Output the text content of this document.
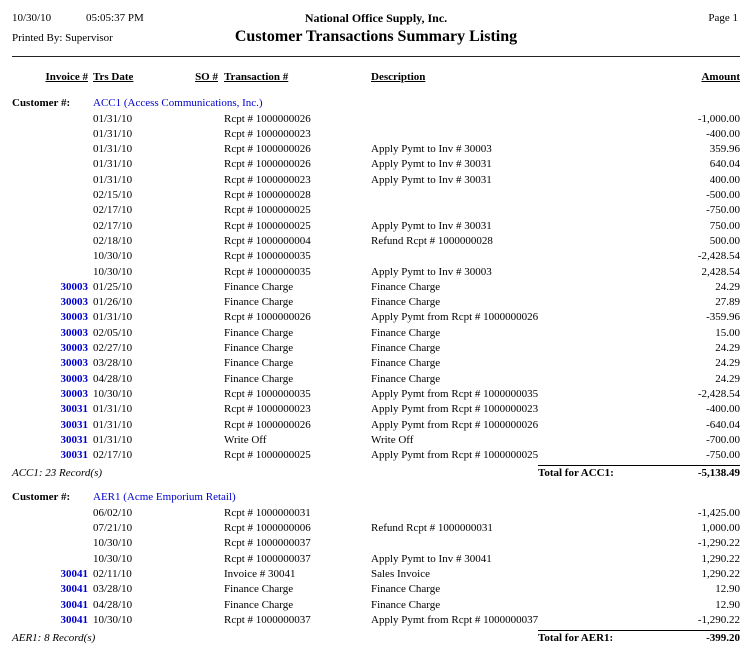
10/30/10	05:05:37 PM	National Office Supply, Inc.	Page 1
Printed By: Supervisor	Customer Transactions Summary Listing
Invoice # Trs Date	SO # Transaction #	Description	Amount
Customer #: ACC1 (Access Communications, Inc.)
01/31/10	Rcpt # 1000000026	-1,000.00
01/31/10	Rcpt # 1000000023	-400.00
01/31/10	Rcpt # 1000000026	Apply Pymt to Inv # 30003	359.96
01/31/10	Rcpt # 1000000026	Apply Pymt to Inv # 30031	640.04
01/31/10	Rcpt # 1000000023	Apply Pymt to Inv # 30031	400.00
02/15/10	Rcpt # 1000000028	-500.00
02/17/10	Rcpt # 1000000025	-750.00
02/17/10	Rcpt # 1000000025	Apply Pymt to Inv # 30031	750.00
02/18/10	Rcpt # 1000000004	Refund Rcpt # 1000000028	500.00
10/30/10	Rcpt # 1000000035	-2,428.54
10/30/10	Rcpt # 1000000035	Apply Pymt to Inv # 30003	2,428.54
30003 01/25/10	Finance Charge	Finance Charge	24.29
30003 01/26/10	Finance Charge	Finance Charge	27.89
30003 01/31/10	Rcpt # 1000000026	Apply Pymt from Rcpt # 1000000026	-359.96
30003 02/05/10	Finance Charge	Finance Charge	15.00
30003 02/27/10	Finance Charge	Finance Charge	24.29
30003 03/28/10	Finance Charge	Finance Charge	24.29
30003 04/28/10	Finance Charge	Finance Charge	24.29
30003 10/30/10	Rcpt # 1000000035	Apply Pymt from Rcpt # 1000000035	-2,428.54
30031 01/31/10	Rcpt # 1000000023	Apply Pymt from Rcpt # 1000000023	-400.00
30031 01/31/10	Rcpt # 1000000026	Apply Pymt from Rcpt # 1000000026	-640.04
30031 01/31/10	Write Off	Write Off	-700.00
30031 02/17/10	Rcpt # 1000000025	Apply Pymt from Rcpt # 1000000025	-750.00
ACC1: 23 Record(s)	Total for ACC1:	-5,138.49
Customer #: AER1 (Acme Emporium Retail)
06/02/10	Rcpt # 1000000031	-1,425.00
07/21/10	Rcpt # 1000000006	Refund Rcpt # 1000000031	1,000.00
10/30/10	Rcpt # 1000000037	-1,290.22
10/30/10	Rcpt # 1000000037	Apply Pymt to Inv # 30041	1,290.22
30041 02/11/10	Invoice # 30041	Sales Invoice	1,290.22
30041 03/28/10	Finance Charge	Finance Charge	12.90
30041 04/28/10	Finance Charge	Finance Charge	12.90
30041 10/30/10	Rcpt # 1000000037	Apply Pymt from Rcpt # 1000000037	-1,290.22
AER1: 8 Record(s)	Total for AER1:	-399.20
